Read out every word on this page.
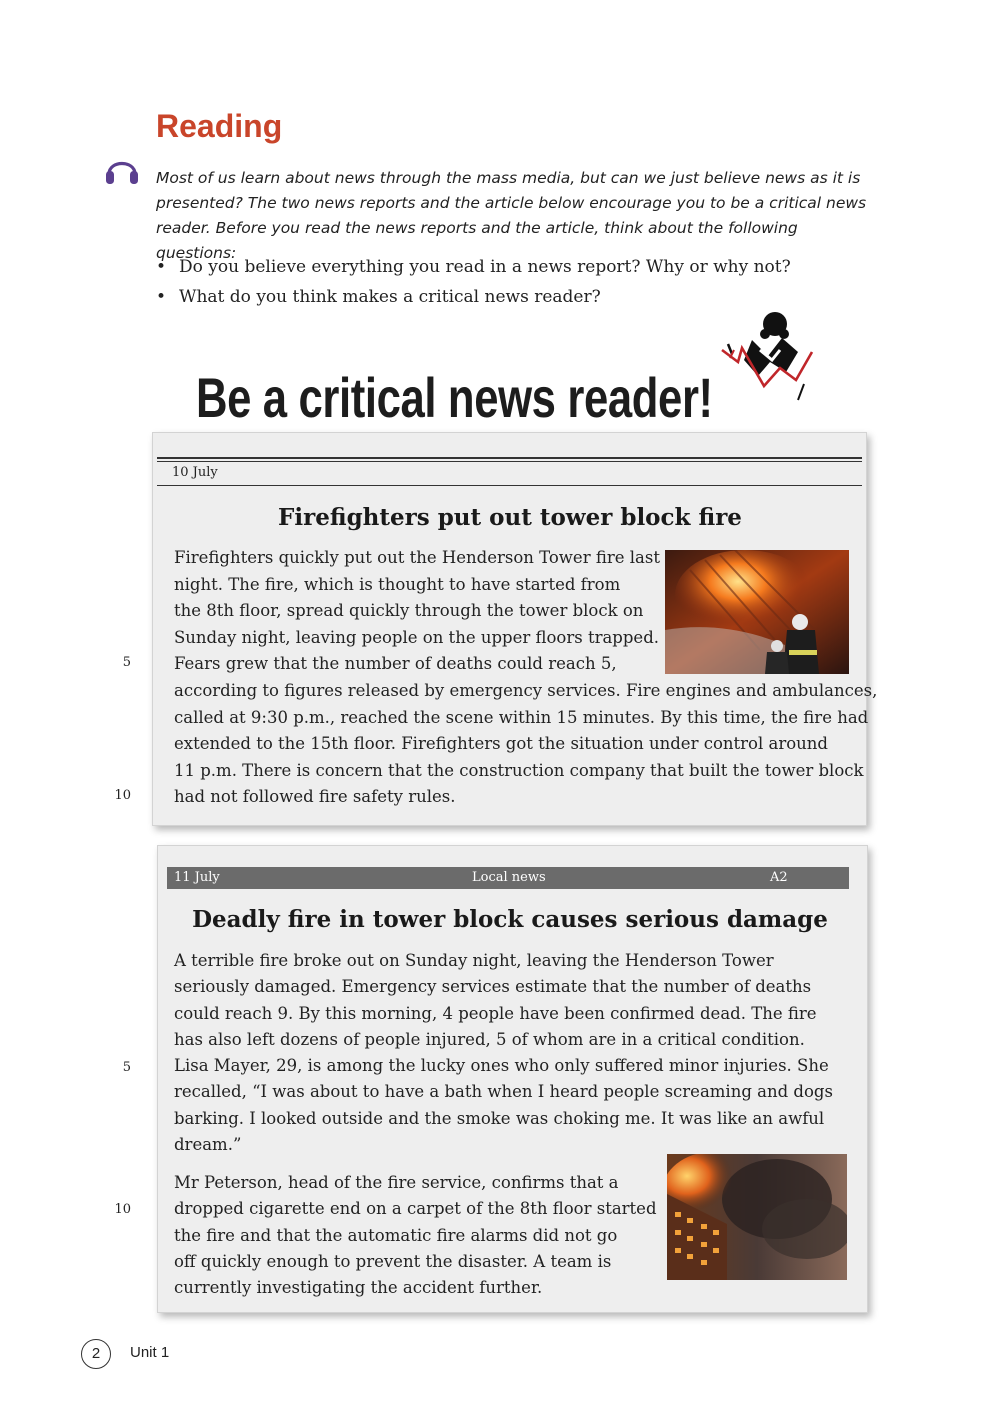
Reading

Most of us learn about news through the mass media, but can we just believe news as it is presented? The two news reports and the article below encourage you to be a critical news reader. Before you read the news reports and the article, think about the following questions:

• Do you believe everything you read in a news report? Why or why not?
• What do you think makes a critical news reader?
Be a critical news reader!
10 July
Firefighters put out tower block fire
Firefighters quickly put out the Henderson Tower fire last
night. The fire, which is thought to have started from
the 8th floor, spread quickly through the tower block on
Sunday night, leaving people on the upper floors trapped.
Fears grew that the number of deaths could reach 5,
according to figures released by emergency services. Fire engines and ambulances,
called at 9:30 p.m., reached the scene within 15 minutes. By this time, the fire had
extended to the 15th floor. Firefighters got the situation under control around
11 p.m. There is concern that the construction company that built the tower block
had not followed fire safety rules.
5
10
11 July	Local news	A2
Deadly fire in tower block causes serious damage
A terrible fire broke out on Sunday night, leaving the Henderson Tower
seriously damaged. Emergency services estimate that the number of deaths
could reach 9. By this morning, 4 people have been confirmed dead. The fire
has also left dozens of people injured, 5 of whom are in a critical condition.
Lisa Mayer, 29, is among the lucky ones who only suffered minor injuries. She
recalled, “I was about to have a bath when I heard people screaming and dogs
barking. I looked outside and the smoke was choking me. It was like an awful
dream.”
Mr Peterson, head of the fire service, confirms that a
dropped cigarette end on a carpet of the 8th floor started
the fire and that the automatic fire alarms did not go
off quickly enough to prevent the disaster. A team is
currently investigating the accident further.
5
10
2	Unit 1
